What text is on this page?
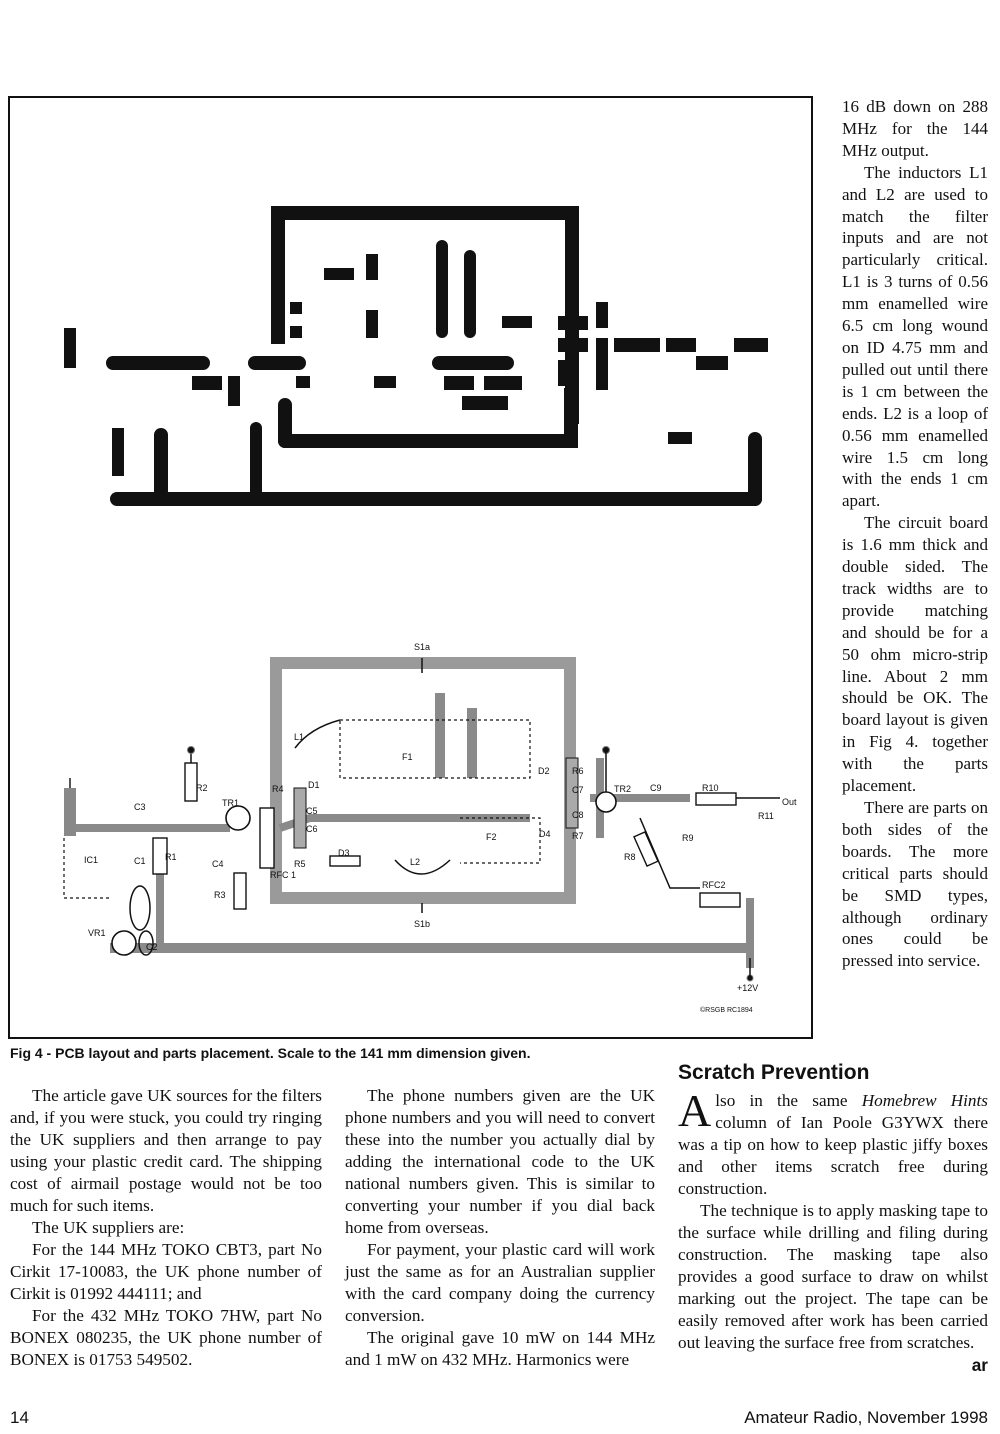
S1a
S1b
L1
L2
F1
F2
D1
D2
D3
D4
C1
C2
C3
C4
C5
C6
C7
C8
C9
R1
R2
R3
R4
R5
R6
R7
R8
R9
R10
R11
TR1
TR2
IC1
VR1
RFC 1
RFC2
Out
+12V
©RSGB RC1894
Fig 4 - PCB layout and parts placement. Scale to the 141 mm dimension given.

16 dB down on 288 MHz for the 144 MHz output.

The inductors L1 and L2 are used to match the filter inputs and are not particularly critical. L1 is 3 turns of 0.56 mm enamelled wire 6.5 cm long wound on ID 4.75 mm and pulled out until there is 1 cm between the ends. L2 is a loop of 0.56 mm enamelled wire 1.5 cm long with the ends 1 cm apart.

The circuit board is 1.6 mm thick and double sided. The track widths are to provide matching and should be for a 50 ohm micro-strip line. About 2 mm should be OK. The board layout is given in Fig 4. together with the parts placement.

There are parts on both sides of the boards. The more critical parts should be SMD types, although ordinary ones could be pressed into service.

The article gave UK sources for the filters and, if you were stuck, you could try ringing the UK suppliers and then arrange to pay using your plastic credit card. The shipping cost of airmail postage would not be too much for such items.

The UK suppliers are:

For the 144 MHz TOKO CBT3, part No Cirkit 17-10083, the UK phone number of Cirkit is 01992 444111; and

For the 432 MHz TOKO 7HW, part No BONEX 080235, the UK phone number of BONEX is 01753 549502.

The phone numbers given are the UK phone numbers and you will need to convert these into the number you actually dial by adding the international code to the UK national numbers given. This is similar to converting your number if you dial back home from overseas.

For payment, your plastic card will work just the same as for an Australian supplier with the card company doing the currency conversion.

The original gave 10 mW on 144 MHz and 1 mW on 432 MHz. Harmonics were

Scratch Prevention

Also in the same Homebrew Hints column of Ian Poole G3YWX there was a tip on how to keep plastic jiffy boxes and other items scratch free during construction.

The technique is to apply masking tape to the surface while drilling and filing during construction. The masking tape also provides a good surface to draw on whilst marking out the project. The tape can be easily removed after work has been carried out leaving the surface free from scratches.
ar

14	Amateur Radio, November 1998
